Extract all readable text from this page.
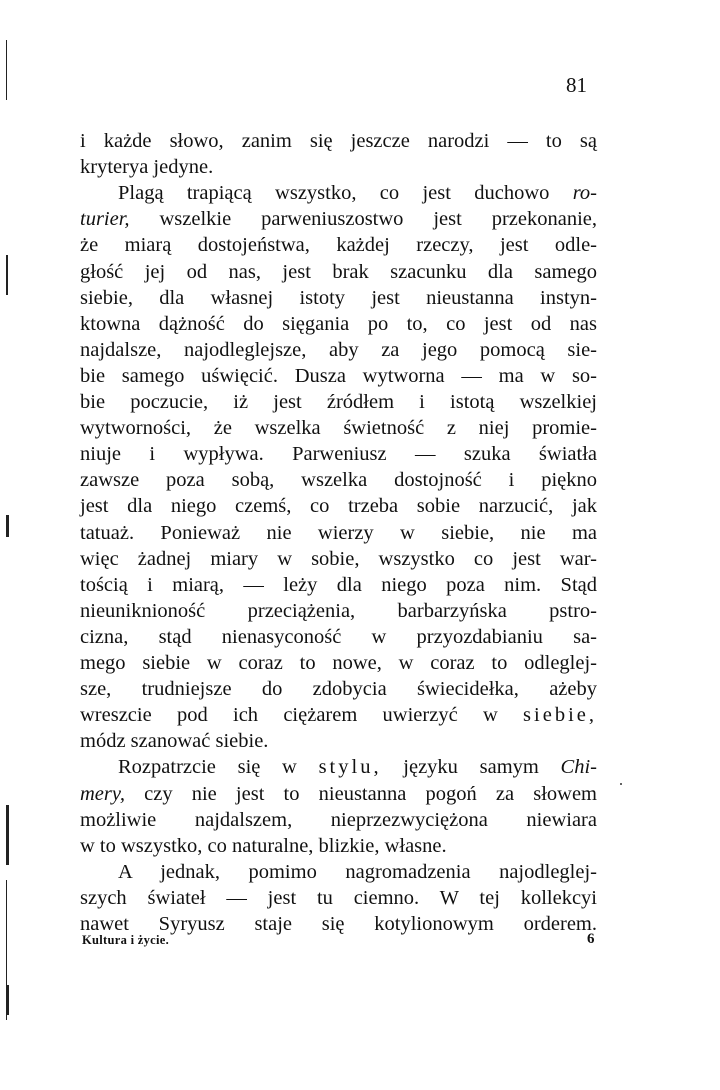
81
i każde słowo, zanim się jeszcze narodzi — to są
kryterya jedyne.
Plagą trapiącą wszystko, co jest duchowo ro-
turier, wszelkie parweniuszostwo jest przekonanie,
że miarą dostojeństwa, każdej rzeczy, jest odle-
głość jej od nas, jest brak szacunku dla samego
siebie, dla własnej istoty jest nieustanna instyn-
ktowna dążność do sięgania po to, co jest od nas
najdalsze, najodleglejsze, aby za jego pomocą sie-
bie samego uświęcić. Dusza wytworna — ma w so-
bie poczucie, iż jest źródłem i istotą wszelkiej
wytworności, że wszelka świetność z niej promie-
niuje i wypływa. Parweniusz — szuka światła
zawsze poza sobą, wszelka dostojność i piękno
jest dla niego czemś, co trzeba sobie narzucić, jak
tatuaż. Ponieważ nie wierzy w siebie, nie ma
więc żadnej miary w sobie, wszystko co jest war-
tością i miarą, — leży dla niego poza nim. Stąd
nieuniknioność przeciążenia, barbarzyńska pstro-
cizna, stąd nienasyconość w przyozdabianiu sa-
mego siebie w coraz to nowe, w coraz to odleglej-
sze, trudniejsze do zdobycia świecidełka, ażeby
wreszcie pod ich ciężarem uwierzyć w siebie,
módz szanować siebie.
Rozpatrzcie się w stylu, języku samym Chi-
mery, czy nie jest to nieustanna pogoń za słowem
możliwie najdalszem, nieprzezwyciężona niewiara
w to wszystko, co naturalne, blizkie, własne.
A jednak, pomimo nagromadzenia najodleglej-
szych świateł — jest tu ciemno. W tej kollekcyi
nawet Syryusz staje się kotylionowym orderem.
Kultura i życie.	6
